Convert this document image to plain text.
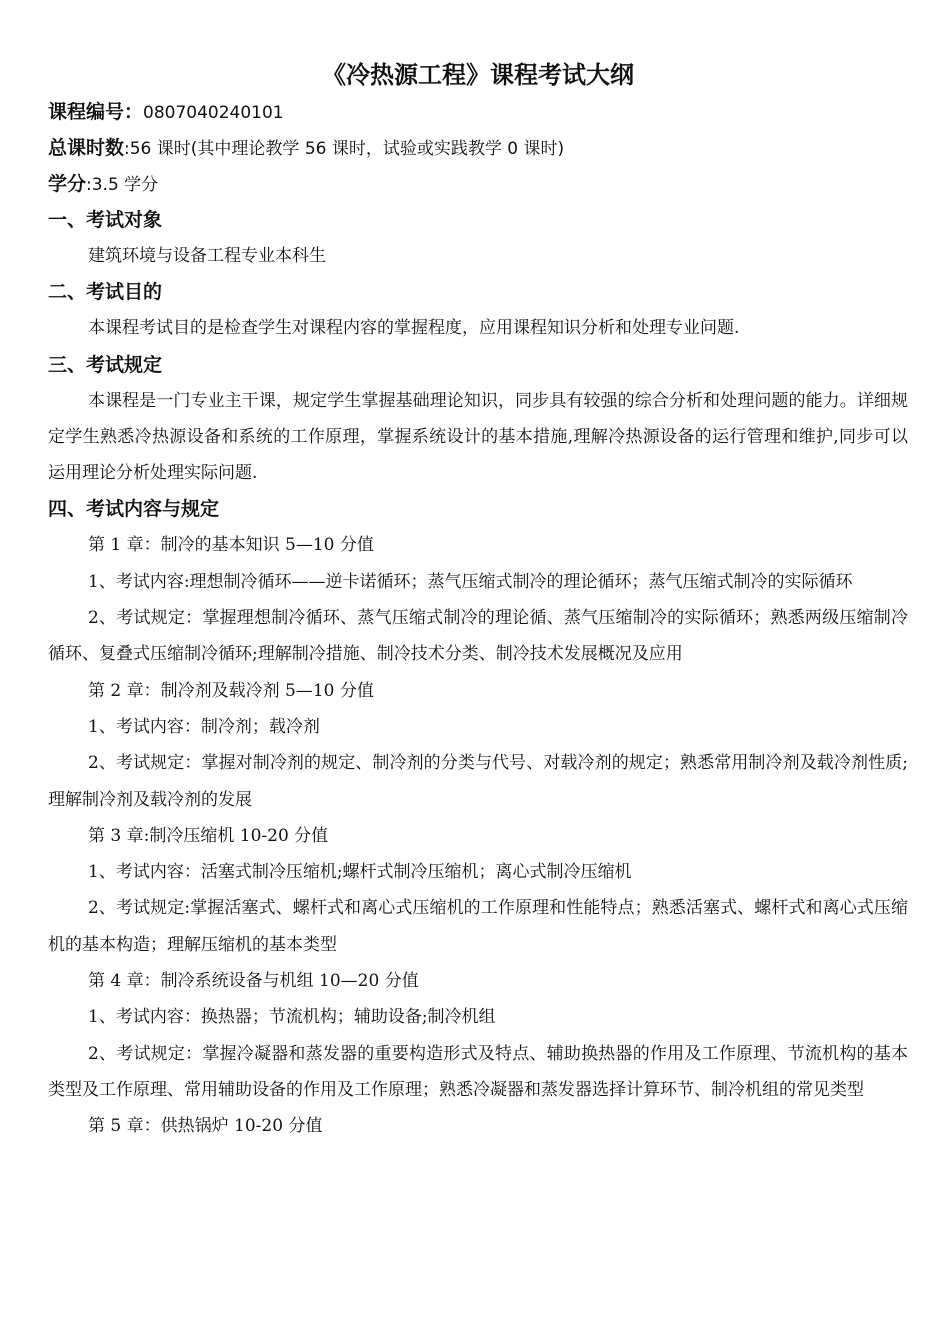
《冷热源工程》课程考试大纲
课程编号：0807040240101
总课时数:56 课时(其中理论教学 56 课时，试验或实践教学 0 课时)
学分:3.5 学分
一、考试对象
建筑环境与设备工程专业本科生
二、考试目的
本课程考试目的是检查学生对课程内容的掌握程度，应用课程知识分析和处理专业问题.
三、考试规定

本课程是一门专业主干课，规定学生掌握基础理论知识，同步具有较强的综合分析和处理问题的能力。详细规定学生熟悉冷热源设备和系统的工作原理，掌握系统设计的基本措施,理解冷热源设备的运行管理和维护,同步可以运用理论分析处理实际问题.

四、考试内容与规定
第 1 章：制冷的基本知识 5—10 分值

1、考试内容:理想制冷循环——逆卡诺循环；蒸气压缩式制冷的理论循环；蒸气压缩式制冷的实际循环

2、考试规定：掌握理想制冷循环、蒸气压缩式制冷的理论循、蒸气压缩制冷的实际循环；熟悉两级压缩制冷循环、复叠式压缩制冷循环;理解制冷措施、制冷技术分类、制冷技术发展概况及应用

第 2 章：制冷剂及载冷剂 5—10 分值
1、考试内容：制冷剂；载冷剂

2、考试规定：掌握对制冷剂的规定、制冷剂的分类与代号、对载冷剂的规定；熟悉常用制冷剂及载冷剂性质;理解制冷剂及载冷剂的发展

第 3 章:制冷压缩机 10-20 分值
1、考试内容：活塞式制冷压缩机;螺杆式制冷压缩机；离心式制冷压缩机

2、考试规定:掌握活塞式、螺杆式和离心式压缩机的工作原理和性能特点；熟悉活塞式、螺杆式和离心式压缩机的基本构造；理解压缩机的基本类型

第 4 章：制冷系统设备与机组 10—20 分值
1、考试内容：换热器；节流机构；辅助设备;制冷机组

2、考试规定：掌握冷凝器和蒸发器的重要构造形式及特点、辅助换热器的作用及工作原理、节流机构的基本类型及工作原理、常用辅助设备的作用及工作原理；熟悉冷凝器和蒸发器选择计算环节、制冷机组的常见类型

第 5 章：供热锅炉 10-20 分值
